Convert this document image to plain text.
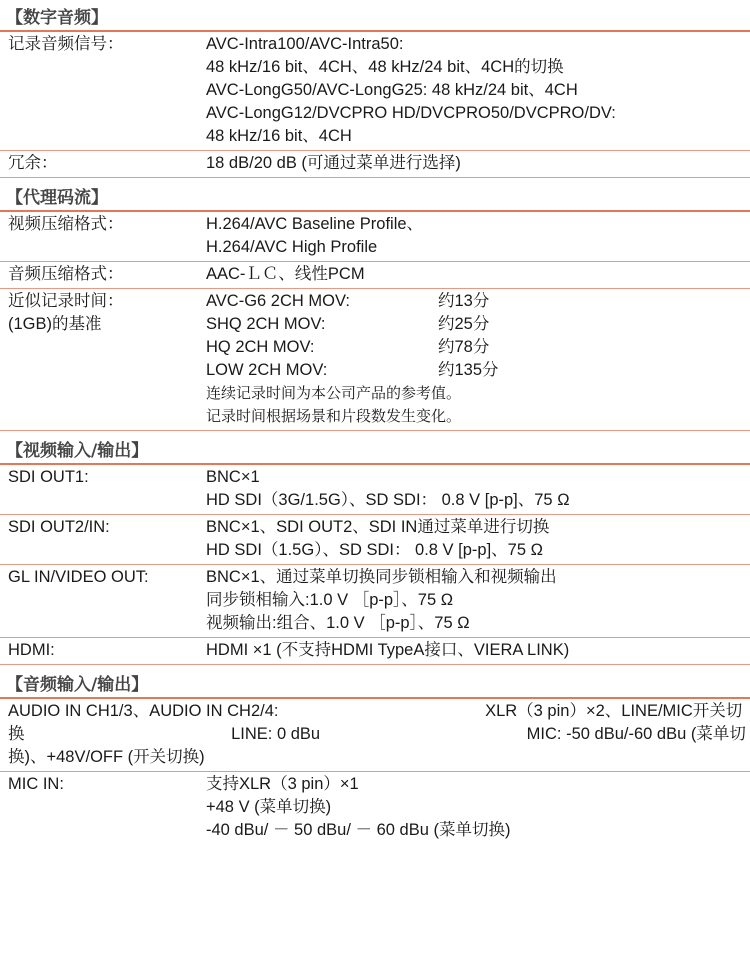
【数字音频】
记录音频信号：	AVC-Intra100/AVC-Intra50:
48 kHz/16 bit、4CH、48 kHz/24 bit、4CH的切换
AVC-LongG50/AVC-LongG25: 48 kHz/24 bit、4CH
AVC-LongG12/DVCPRO HD/DVCPRO50/DVCPRO/DV:
48 kHz/16 bit、4CH
冗余：	18 dB/20 dB (可通过菜单进行选择)
【代理码流】
视频压缩格式：	H.264/AVC Baseline Profile、
H.264/AVC High Profile
音频压缩格式：	AAC-ＬＣ、线性PCM
近似记录时间：
(1GB)的基准
AVC-G6 2CH MOV:	约13分
SHQ 2CH MOV:	约25分
HQ 2CH MOV:	约78分
LOW 2CH MOV:	约135分
连续记录时间为本公司产品的参考值。
记录时间根据场景和片段数发生变化。
【视频输入/输出】
SDI OUT1:	BNC×1
HD SDI（3G/1.5G）、SD SDI： 0.8 V [p-p]、75 Ω
SDI OUT2/IN:	BNC×1、SDI OUT2、SDI IN通过菜单进行切换
HD SDI（1.5G）、SD SDI： 0.8 V [p-p]、75 Ω
GL IN/VIDEO OUT:	BNC×1、通过菜单切换同步锁相输入和视频输出
同步锁相输入:1.0 V ［p-p］、75 Ω
视频输出:组合、1.0 V ［p-p］、75 Ω
HDMI:	HDMI ×1 (不支持HDMI TypeA接口、VIERA LINK)
【音频输入/输出】
AUDIO IN CH1/3、AUDIO IN CH2/4:	XLR（3 pin）×2、LINE/MIC开关切换	LINE: 0 dBu	MIC: -50 dBu/-60 dBu (菜单切换)、+48V/OFF (开关切换)
MIC IN:	支持XLR（3 pin）×1
+48 V (菜单切换)
-40 dBu/ － 50 dBu/ － 60 dBu (菜单切换)
